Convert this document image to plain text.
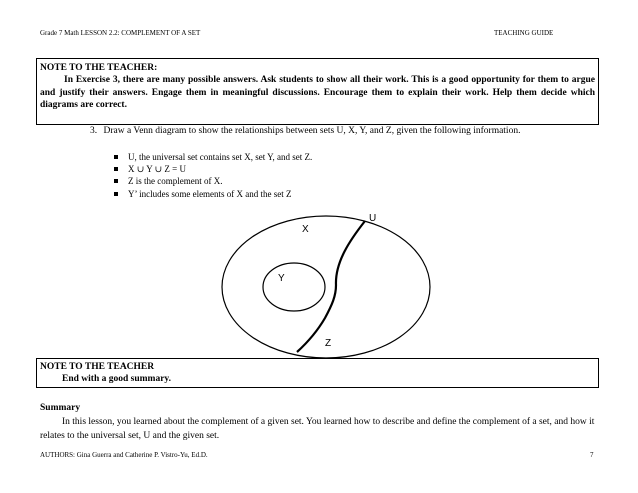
Grade 7 Math LESSON 2.2: COMPLEMENT OF A SET	TEACHING GUIDE
NOTE TO THE TEACHER:
In Exercise 3, there are many possible answers. Ask students to show all their work. This is a good opportunity for them to argue and justify their answers. Engage them in meaningful discussions. Encourage them to explain their work. Help them decide which diagrams are correct.
3. Draw a Venn diagram to show the relationships between sets U, X, Y, and Z, given the following information.
U, the universal set contains set X, set Y, and set Z.
X ∪ Y ∪ Z = U
Z is the complement of X.
Y’ includes some elements of X and the set Z
U
X
Y
Z
NOTE TO THE TEACHER
End with a good summary.
Summary
In this lesson, you learned about the complement of a given set. You learned how to describe and define the complement of a set, and how it relates to the universal set, U and the given set.
AUTHORS: Gina Guerra and Catherine P. Vistro-Yu, Ed.D.	7
